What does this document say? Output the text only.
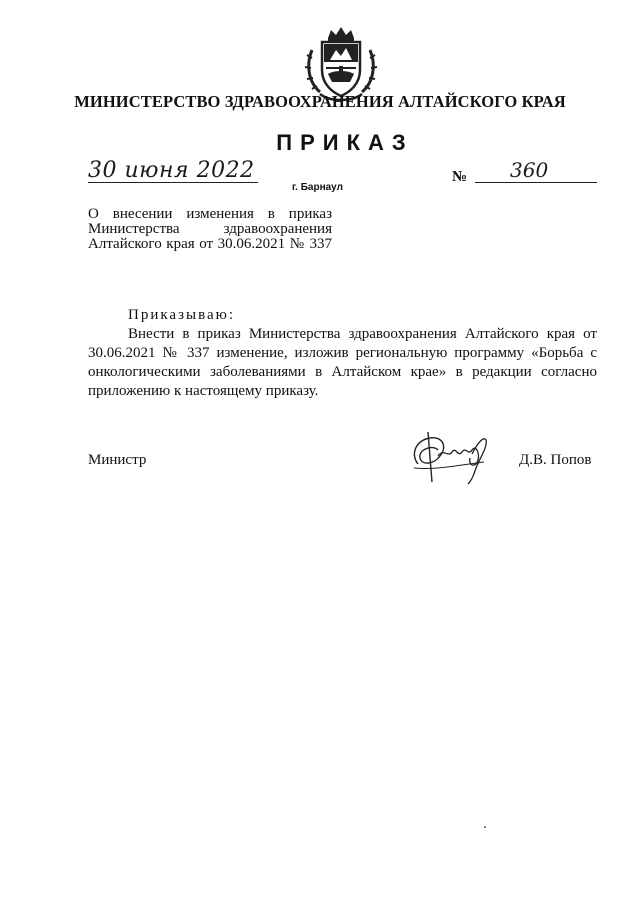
МИНИСТЕРСТВО ЗДРАВООХРАНЕНИЯ АЛТАЙСКОГО КРАЯ
ПРИКАЗ
30 июня 2022	№ 360
г. Барнаул
О внесении изменения в приказ Министерства здравоохранения Алтайского края от 30.06.2021 № 337
Приказываю:

Внести в приказ Министерства здравоохранения Алтайского края от 30.06.2021 № 337 изменение, изложив региональную программу «Борьба с онкологическими заболеваниями в Алтайском крае» в редакции согласно приложению к настоящему приказу.

Министр	Д.В. Попов
